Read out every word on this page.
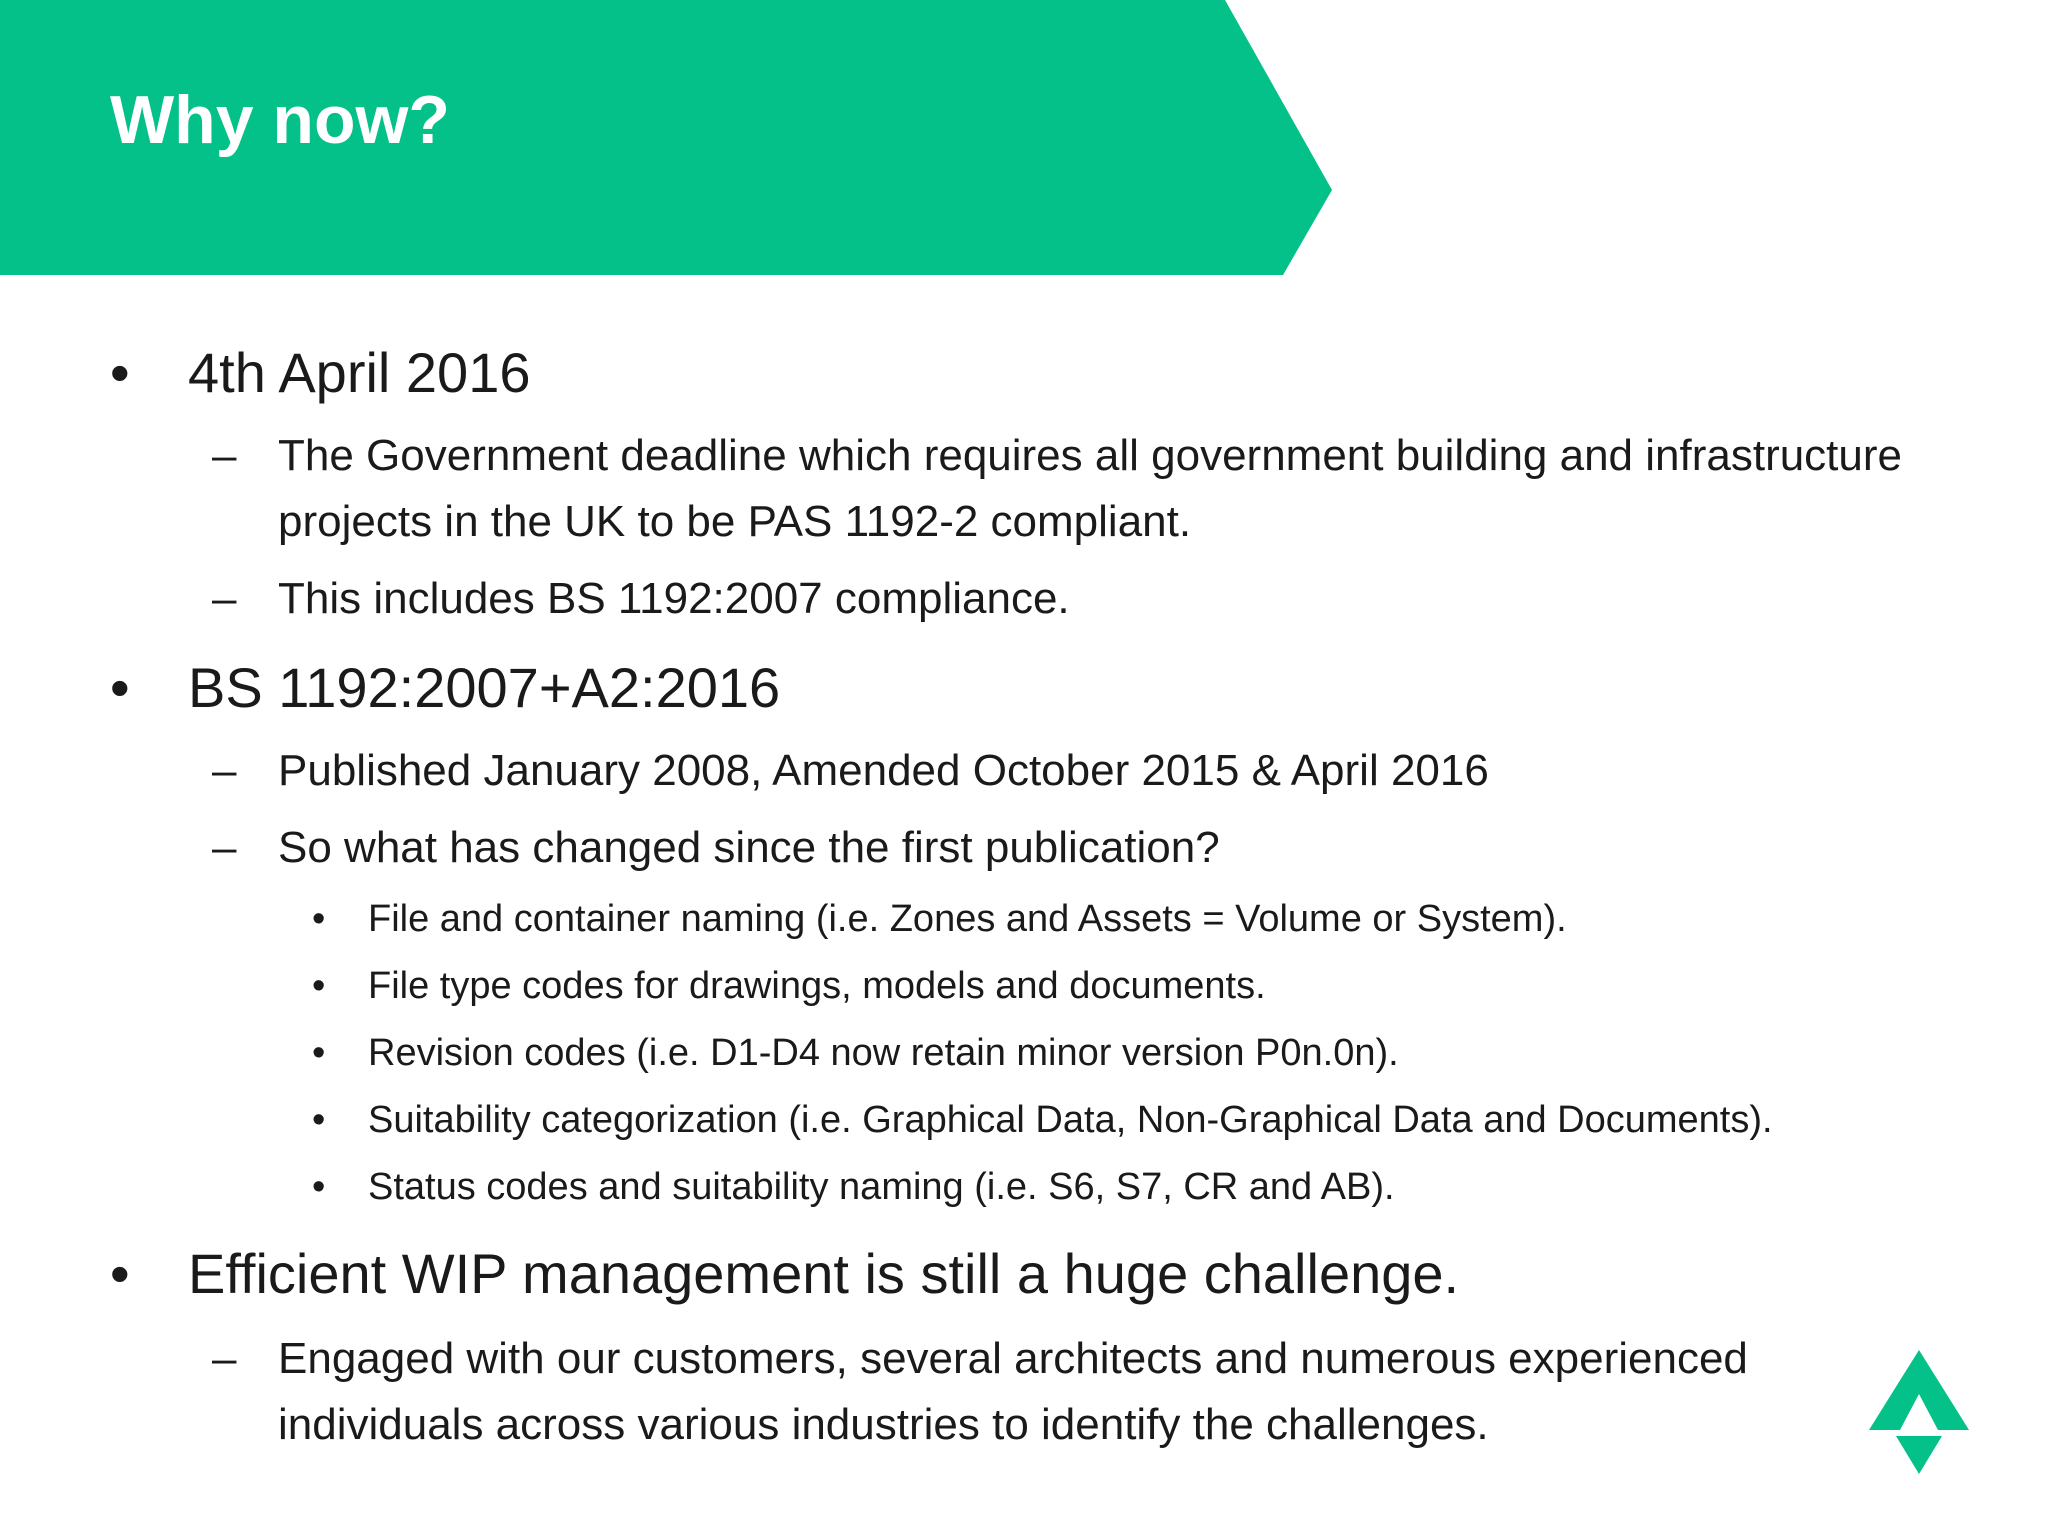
Why now?
• 4th April 2016
– The Government deadline which requires all government building and infrastructure projects in the UK to be PAS 1192-2 compliant.
– This includes BS 1192:2007 compliance.
• BS 1192:2007+A2:2016
– Published January 2008, Amended October 2015 & April 2016
– So what has changed since the first publication?
• File and container naming (i.e. Zones and Assets = Volume or System).
• File type codes for drawings, models and documents.
• Revision codes (i.e. D1-D4 now retain minor version P0n.0n).
• Suitability categorization (i.e. Graphical Data, Non-Graphical Data and Documents).
• Status codes and suitability naming (i.e. S6, S7, CR and AB).
• Efficient WIP management is still a huge challenge.
– Engaged with our customers, several architects and numerous experienced individuals across various industries to identify the challenges.
